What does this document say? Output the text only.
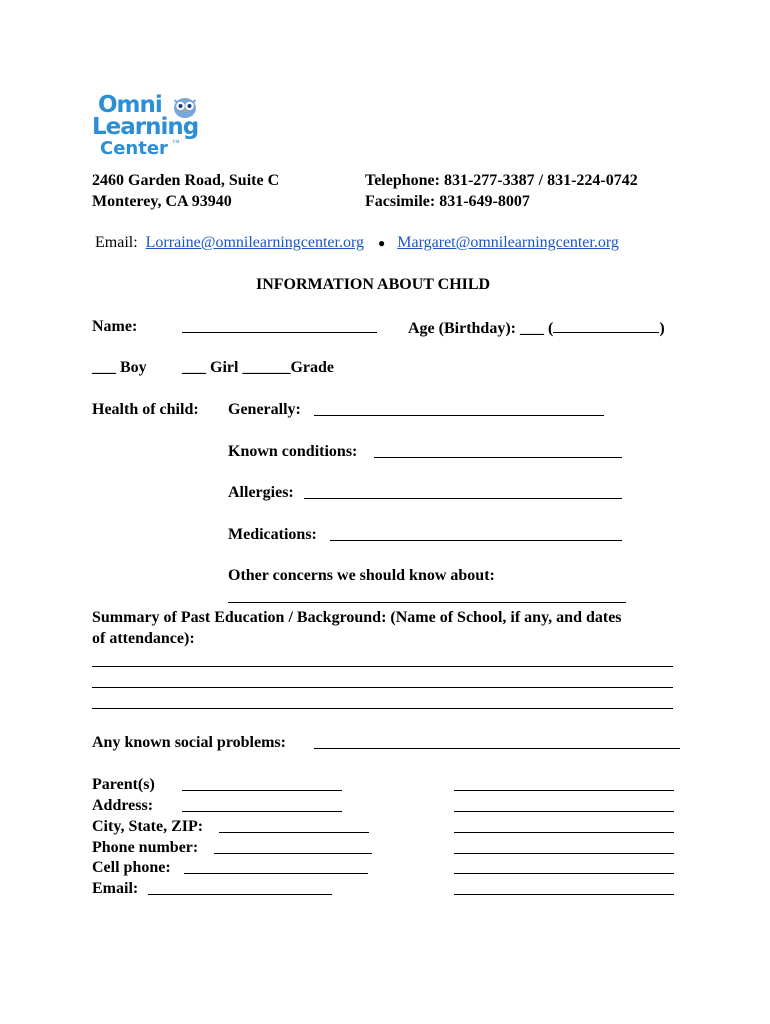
Omni
Learning
Center ™
2460 Garden Road, Suite C
Monterey, CA 93940
Telephone: 831-277-3387 / 831-224-0742
Facsimile: 831-649-8007
Email: Lorraine@omnilearningcenter.org ● Margaret@omnilearningcenter.org
INFORMATION ABOUT CHILD
Name:	Age (Birthday): ___ (	)
___ Boy ___ Girl ______Grade
Health of child: Generally:
Known conditions:
Allergies:
Medications:
Other concerns we should know about:
Summary of Past Education / Background: (Name of School, if any, and dates
of attendance):
Any known social problems:
Parent(s)
Address:
City, State, ZIP:
Phone number:
Cell phone:
Email:
